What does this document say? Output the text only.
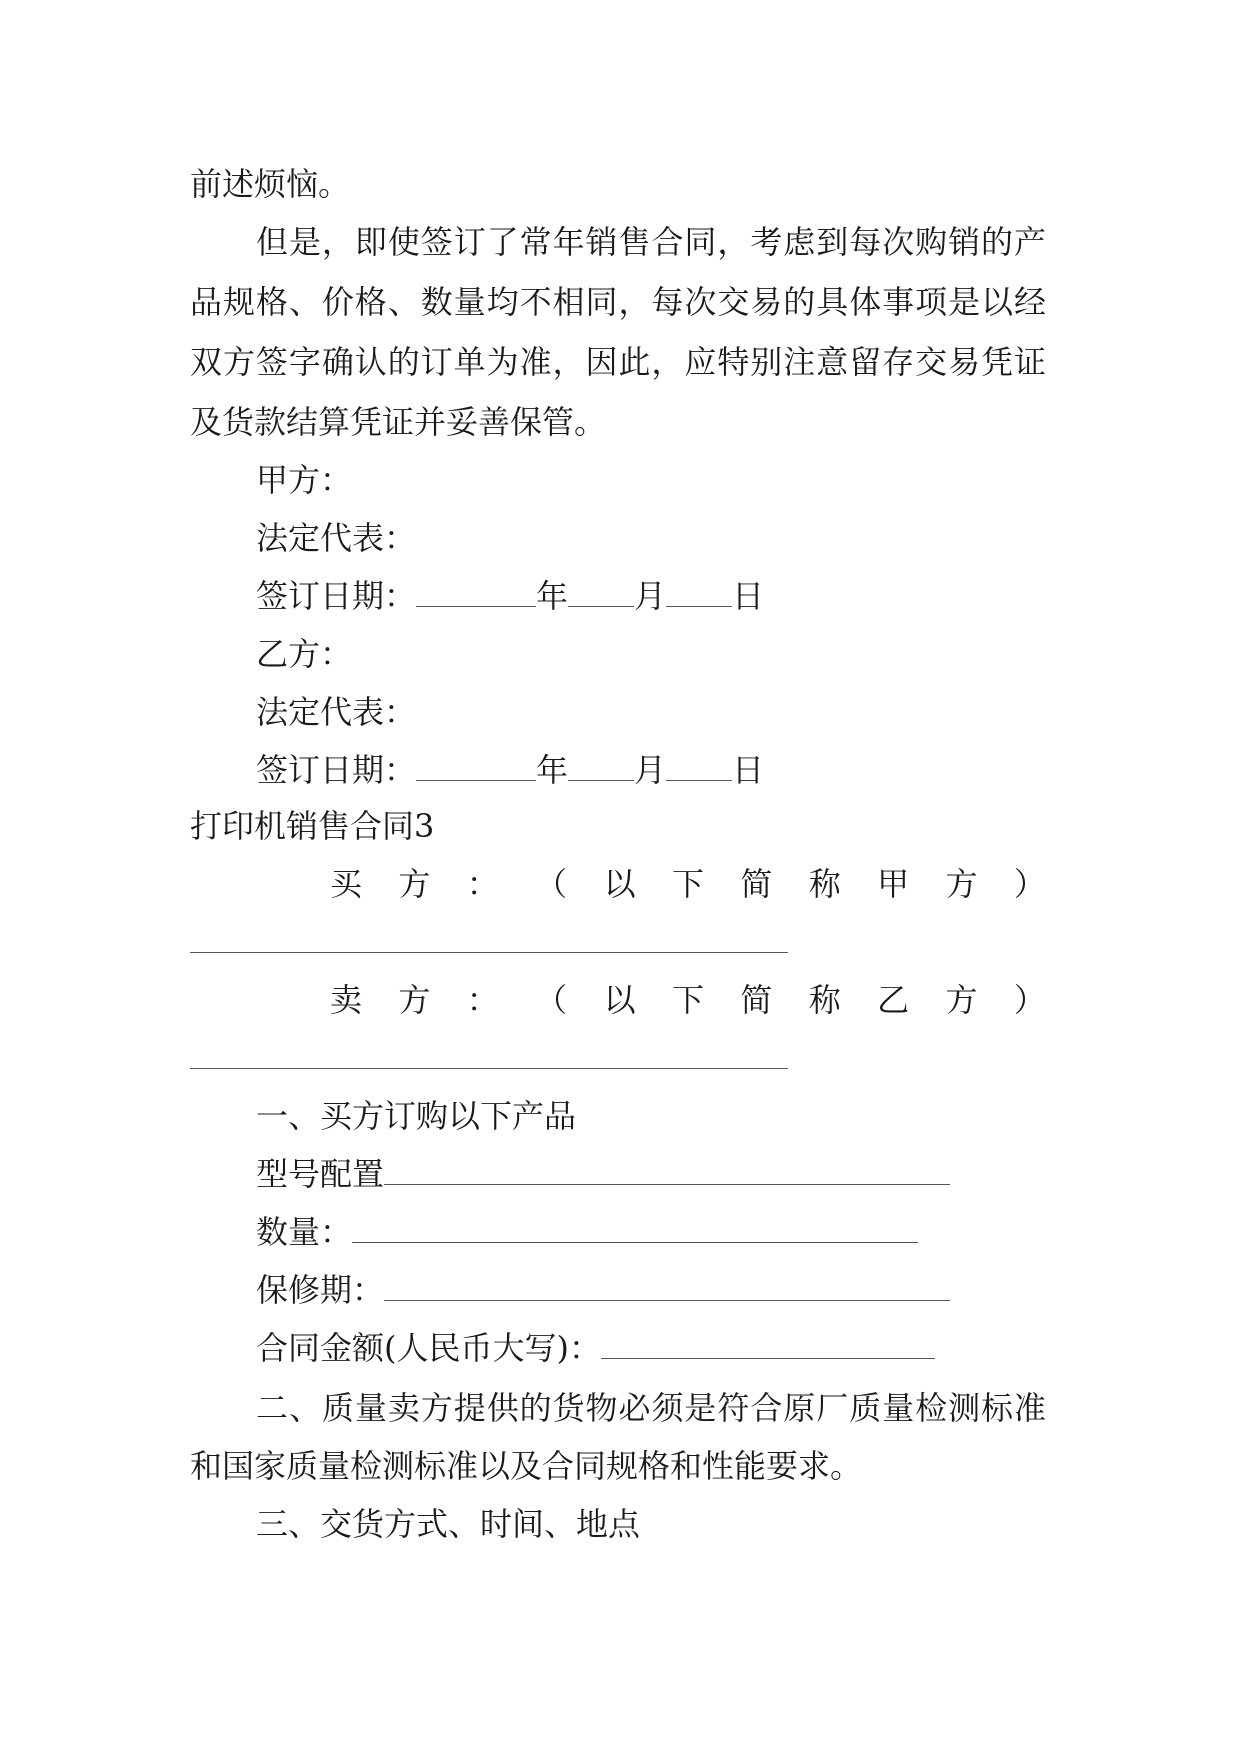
前述烦恼。
但是，即使签订了常年销售合同，考虑到每次购销的产
品规格、价格、数量均不相同，每次交易的具体事项是以经
双方签字确认的订单为准，因此，应特别注意留存交易凭证
及货款结算凭证并妥善保管。
甲方：
法定代表：
签订日期：	年 月 日
乙方：
法定代表：
签订日期：	年 月 日
打印机销售合同3
买 方 ： （ 以 下 简 称 甲 方 ）
卖 方 ： （ 以 下 简 称 乙 方 ）
一、买方订购以下产品
型号配置
数量：
保修期：
合同金额(人民币大写)：
二、质量卖方提供的货物必须是符合原厂质量检测标准
和国家质量检测标准以及合同规格和性能要求。
三、交货方式、时间、地点
